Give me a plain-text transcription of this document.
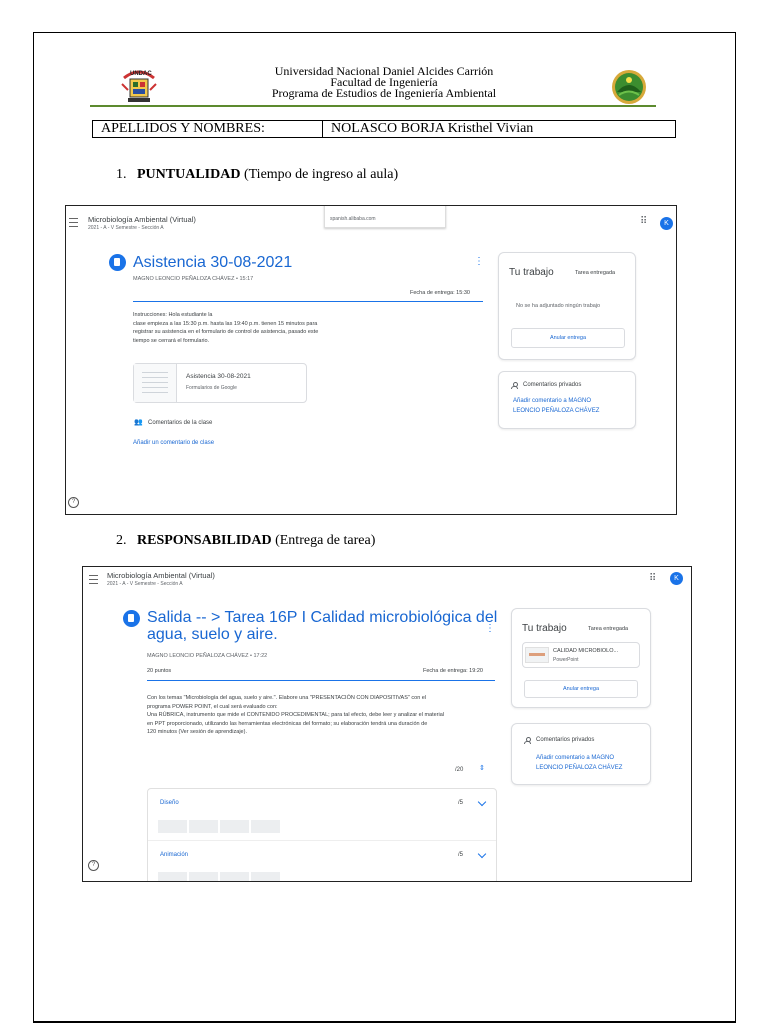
UNDAC	Universidad Nacional Daniel Alcides Carrión
Facultad de Ingeniería
Programa de Estudios de Ingeniería Ambiental
APELLIDOS Y NOMBRES:	NOLASCO BORJA Kristhel Vivian
1. PUNTUALIDAD (Tiempo de ingreso al aula)
Microbiología Ambiental (Virtual)
2021 - A - V Semestre - Sección A
spanish.alibaba.com	⠿	K
Asistencia 30-08-2021
MAGNO LEONCIO PEÑALOZA CHÁVEZ • 15:17
⋮
Fecha de entrega: 15:30
Instrucciones: Hola estudiante la
clase empieza a las 15:30 p.m. hasta las 19:40 p.m. tienen 15 minutos para
registrar su asistencia en el formulario de control de asistencia, pasado este
tiempo se cerrará el formulario.
Asistencia 30-08-2021
Formularios de Google
👥 Comentarios de la clase
Añadir un comentario de clase
Tu trabajo	Tarea entregada
No se ha adjuntado ningún trabajo
Anular entrega
Comentarios privados
Añadir comentario a MAGNO
LEONCIO PEÑALOZA CHÁVEZ
?
2. RESPONSABILIDAD (Entrega de tarea)
Microbiología Ambiental (Virtual)
2021 - A - V Semestre - Sección A	⠿	K
Salida -- > Tarea 16P I Calidad microbiológica del
agua, suelo y aire.	⋮
MAGNO LEONCIO PEÑALOZA CHÁVEZ • 17:22
20 puntos	Fecha de entrega: 19:20
Con los temas "Microbiología del agua, suelo y aire.". Elabore una "PRESENTACIÓN CON DIAPOSITIVAS" con el
programa POWER POINT, el cual será evaluado con:
Una RÚBRICA, instrumento que mide el CONTENIDO PROCEDIMENTAL; para tal efecto, debe leer y analizar el material
en PPT proporcionado, utilizando las herramientas electrónicas del formato; su elaboración tendrá una duración de
120 minutos (Ver sesión de aprendizaje).
/20 ⇕
Diseño	/5
Animación	/5
Tu trabajo	Tarea entregada
CALIDAD MICROBIOLO...
PowerPoint
Anular entrega
Comentarios privados
Añadir comentario a MAGNO
LEONCIO PEÑALOZA CHÁVEZ
?
